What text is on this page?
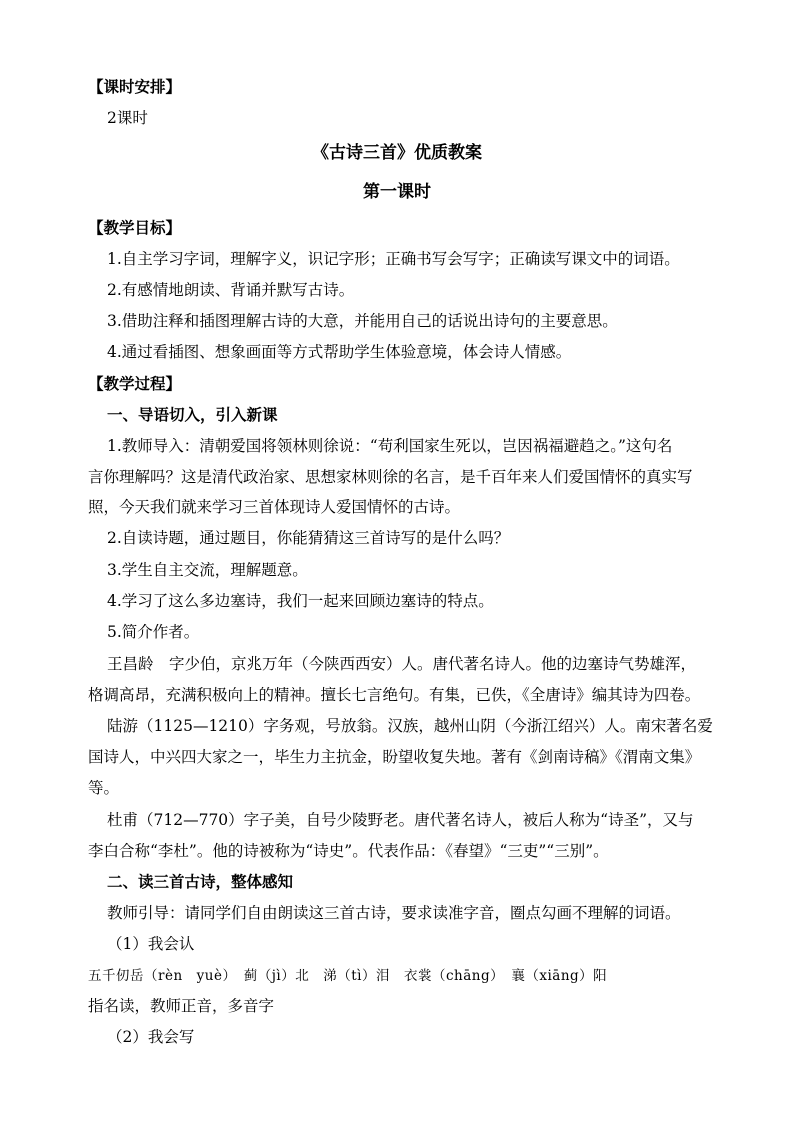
【课时安排】
2课时
《古诗三首》优质教案
第一课时
【教学目标】
1.自主学习字词，理解字义，识记字形；正确书写会写字；正确读写课文中的词语。
2.有感情地朗读、背诵并默写古诗。
3.借助注释和插图理解古诗的大意，并能用自己的话说出诗句的主要意思。
4.通过看插图、想象画面等方式帮助学生体验意境，体会诗人情感。
【教学过程】
一、导语切入，引入新课
1.教师导入：清朝爱国将领林则徐说：“苟利国家生死以，岂因祸福避趋之。”这句名
言你理解吗？这是清代政治家、思想家林则徐的名言，是千百年来人们爱国情怀的真实写
照，今天我们就来学习三首体现诗人爱国情怀的古诗。
2.自读诗题，通过题目，你能猜猜这三首诗写的是什么吗？
3.学生自主交流，理解题意。
4.学习了这么多边塞诗，我们一起来回顾边塞诗的特点。
5.简介作者。
王昌龄　字少伯，京兆万年（今陕西西安）人。唐代著名诗人。他的边塞诗气势雄浑，
格调高昂，充满积极向上的精神。擅长七言绝句。有集，已佚，《全唐诗》编其诗为四卷。
陆游（1125—1210）字务观，号放翁。汉族，越州山阴（今浙江绍兴）人。南宋著名爱
国诗人，中兴四大家之一，毕生力主抗金，盼望收复失地。著有《剑南诗稿》《渭南文集》
等。
杜甫（712—770）字子美，自号少陵野老。唐代著名诗人，被后人称为“诗圣”，又与
李白合称“李杜”。他的诗被称为“诗史”。代表作品：《春望》“三吏”“三别”。
二、读三首古诗，整体感知
教师引导：请同学们自由朗读这三首古诗，要求读准字音，圈点勾画不理解的词语。
（1）我会认
五千仞岳（rèn　yuè）　蓟（jì）北　涕（tì）泪　衣裳（chāng）　襄（xiāng）阳
指名读，教师正音，多音字
（2）我会写
